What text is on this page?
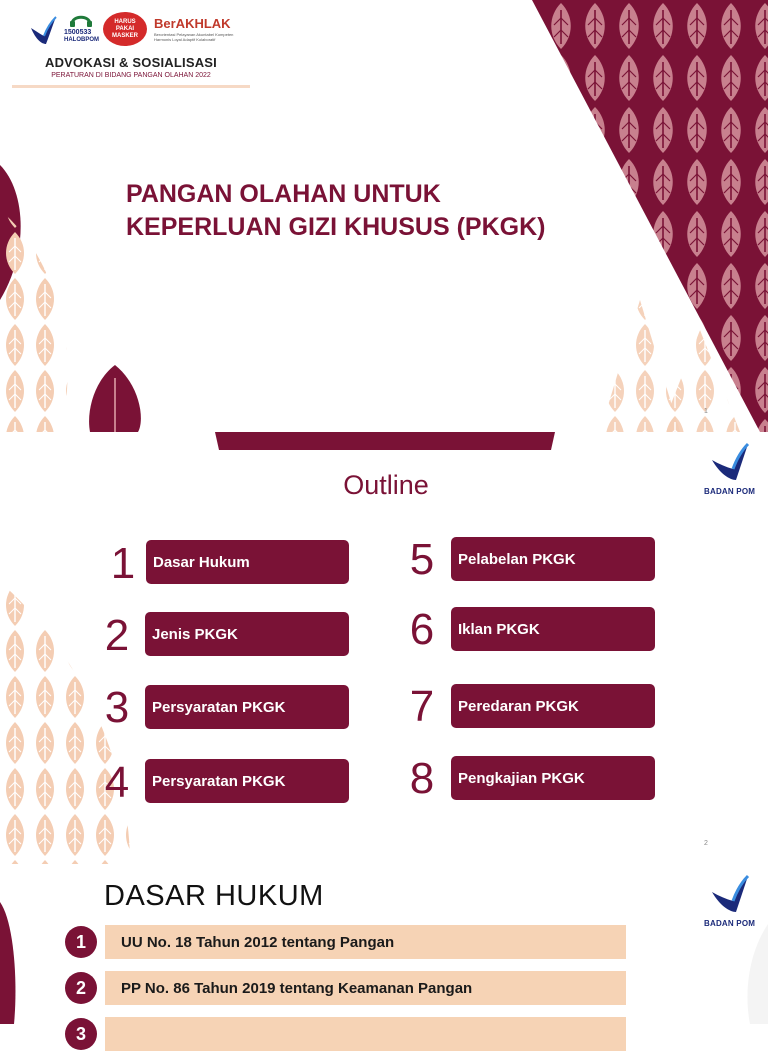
1500533
HALOBPOM
HARUS PAKAI MASKER
BerAKHLAK
Berorientasi Pelayanan Akuntabel Kompeten Harmonis Loyal Adaptif Kolaboratif
ADVOKASI & SOSIALISASI
PERATURAN DI BIDANG PANGAN OLAHAN 2022
PANGAN OLAHAN UNTUK
KEPERLUAN GIZI KHUSUS (PKGK)
1
Outline	BADAN POM
1	Dasar Hukum
2	Jenis PKGK
3	Persyaratan PKGK
4	Persyaratan PKGK
5	Pelabelan PKGK
6	Iklan PKGK
7	Peredaran PKGK
8	Pengkajian PKGK
2
DASAR HUKUM
BADAN POM
1	UU No. 18 Tahun 2012 tentang Pangan
2	PP No. 86 Tahun 2019 tentang Keamanan Pangan
3
